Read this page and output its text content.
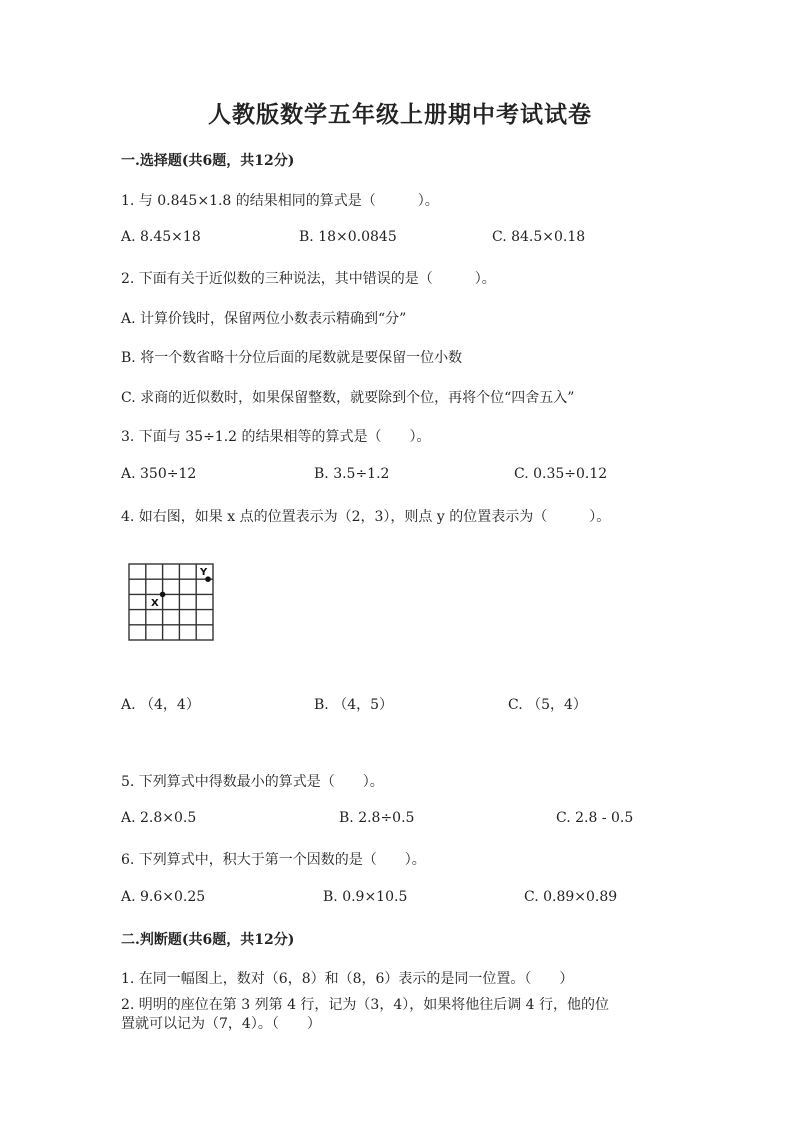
人教版数学五年级上册期中考试试卷
一.选择题(共6题，共12分)
1. 与 0.845×1.8 的结果相同的算式是（　　　）。
A. 8.45×18	B. 18×0.0845	C. 84.5×0.18
2. 下面有关于近似数的三种说法，其中错误的是（　　　）。
A. 计算价钱时，保留两位小数表示精确到“分”
B. 将一个数省略十分位后面的尾数就是要保留一位小数
C. 求商的近似数时，如果保留整数，就要除到个位，再将个位“四舍五入”
3. 下面与 35÷1.2 的结果相等的算式是（　　）。
A. 350÷12	B. 3.5÷1.2	C. 0.35÷0.12
4. 如右图，如果 x 点的位置表示为（2，3），则点 y 的位置表示为（　　　）。
X
Y
A. （4，4）	B. （4，5）	C. （5，4）
5. 下列算式中得数最小的算式是（　　）。
A. 2.8×0.5	B. 2.8÷0.5	C. 2.8 - 0.5
6. 下列算式中，积大于第一个因数的是（　　）。
A. 9.6×0.25	B. 0.9×10.5	C. 0.89×0.89
二.判断题(共6题，共12分)
1. 在同一幅图上，数对（6，8）和（8，6）表示的是同一位置。（　　）
2. 明明的座位在第 3 列第 4 行，记为（3，4），如果将他往后调 4 行，他的位
置就可以记为（7，4）。（　　）
